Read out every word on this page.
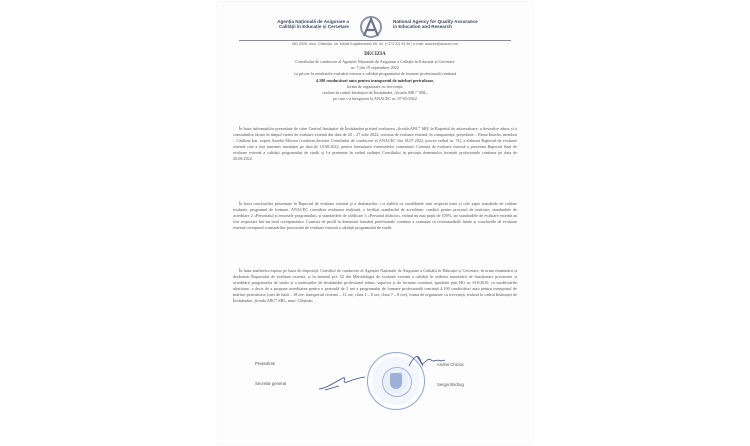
Agenția Națională de Asigurare a
Calității în Educație și Cercetare
National Agency for Quality Assurance
in Education and Research
MD-2028, mun. Chișinău, str. Mihail Kogălniceanu 66, tel. (+373 22) 09 36 | e-mail: anacec@anacec.md
DECIZIA
Consiliului de conducere al Agenției Naționale de Asigurare a Calității în Educație și Cercetare
nr. 7 din 19 septembrie 2022
cu privire la rezultatele evaluării externe a calității programului de formare profesională continuă
4.100 conducători auto pentru transportul de mărfuri periculoase,
forma de organizare cu frecvență,
realizat în cadrul Instituției de Învățământ „Școala ABC” SRL,
pe care s-a înregistrat la ANACEC nr. 07-05/2022
În baza informațiilor prezentate de către Centrul Instituției de Învățământ privind evaluarea „Școala ABC” SRL în Raportul de autoevaluare, a dovezilor aduse și a constatărilor făcute în timpul vizitei de evaluare externă din data de 20 – 27 iulie 2022, comisia de evaluare externă, în componența: președinte – Elena Enache, membru – Cătălina Ion, expert Aurelia Moraru (conform deciziei Consiliului de conducere al ANACEC din 18.07.2022, proces-verbal nr. 74), a elaborat Raportul de evaluare externă care a fost transmis instituției pe data de 10.08.2022, pentru formularea eventualelor comentarii. Comisia de evaluare externă a prezentat Raportul final de evaluare externă a calității programului de studii și l-a prezentat în cadrul ședinței Consiliului în privința domeniului formării profesionale continue pe data de 26.08.2022.
În baza concluziilor prezentate în Raportul de evaluare externă și a dezbaterilor, s-a stabilit că candidatele sunt respectă toate și cele șapte standarde de calitate evaluate, programul de formare. ANACEC considera evaluarea realizată, a facilitat standardul de acreditare: condiții pentru procesul de instruire, standardele de acreditare 2 «Personalul și resursele programului» și standardele de calificare 3 «Personal didactic» vizând nu mai puțin de 100%, iar standardele de evaluare externă au fost respectate într-un mod corespunzător. Comisia de profil în domeniul formării profesionale continue a constatat că recomandările finale și concluziile de evaluare externă corespund constatărilor procesului de evaluare externă a calității programului de studii.
În baza analizelor expuse pe baza de dispoziții, Consiliul de conducere al Agenției Naționale de Asigurare a Calității în Educație și Cercetare, în urma examinării și dezbaterii Raportului de evaluare externă, și în temeiul pct. 52 din Metodologia de evaluare externă a calității în vederea autorizării de funcționare provizorie și acreditării programelor de studii și a instituțiilor de învățământ profesional tehnic, superior și de formare continuă, aprobată prin HG nr. 616/2016, cu modificările ulterioare, a decis de a propune acreditarea pentru o perioadă de 5 ani a programului de formare profesională continuă 4.100 conducători auto pentru transportul de mărfuri periculoase (curs de bază – 18 ore, transportul cisternă – 12 ore, clasa 1 – 8 ore, clasa 7 – 8 ore), forma de organizare cu frecvență, realizat în cadrul Instituției de Învățământ „Școala ABC” SRL, mun. Chișinău.
Președinte
Secretar general
Andrei Chiciuc
Sergiu Bodrug
